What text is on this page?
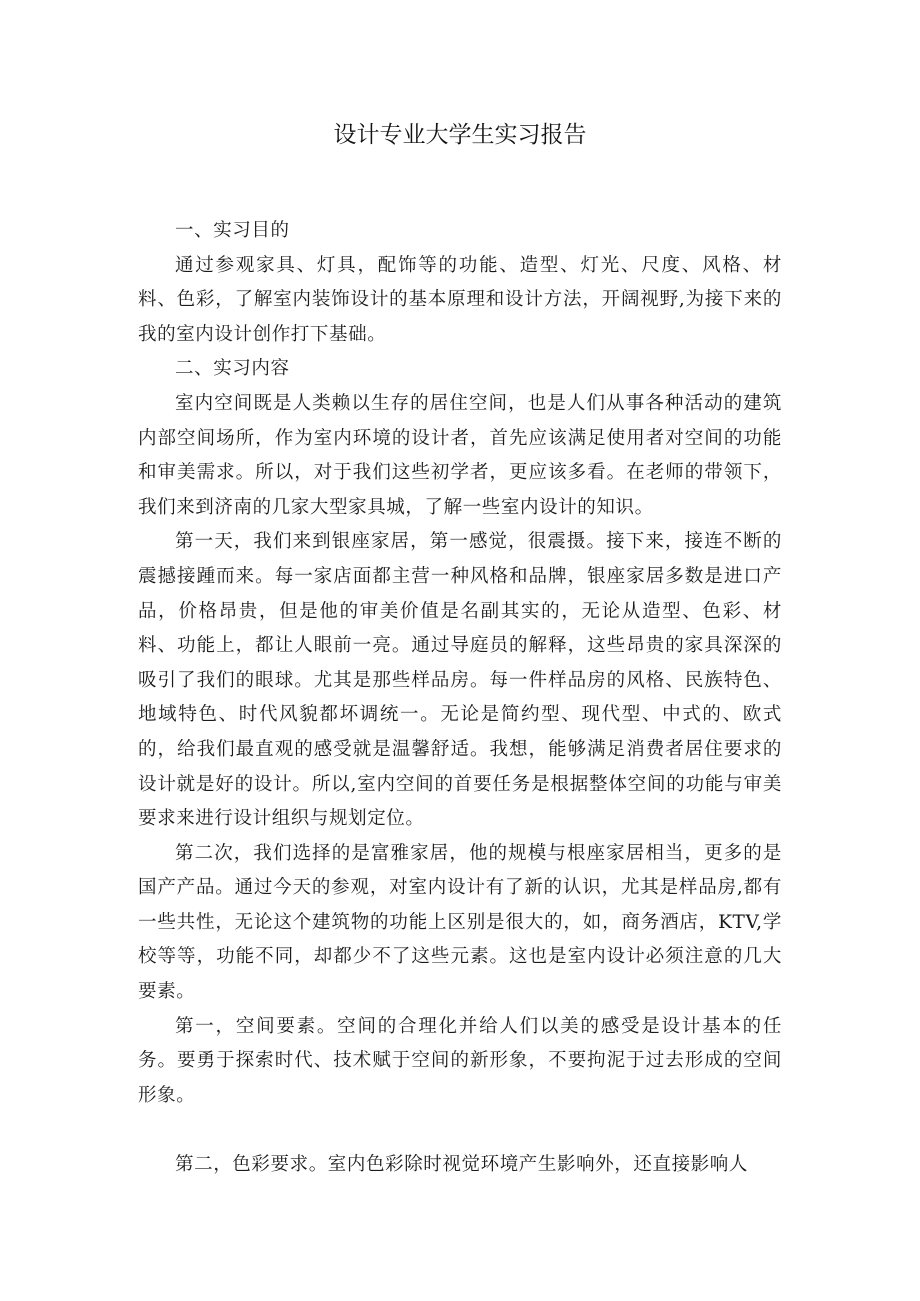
设计专业大学生实习报告

一、实习目的

通过参观家具、灯具，配饰等的功能、造型、灯光、尺度、风格、材料、色彩，了解室内装饰设计的基本原理和设计方法，开阔视野,为接下来的我的室内设计创作打下基础。

二、实习内容

室内空间既是人类赖以生存的居住空间，也是人们从事各种活动的建筑内部空间场所，作为室内环境的设计者，首先应该满足使用者对空间的功能和审美需求。所以，对于我们这些初学者，更应该多看。在老师的带领下，我们来到济南的几家大型家具城，了解一些室内设计的知识。

第一天，我们来到银座家居，第一感觉，很震摄。接下来，接连不断的震撼接踵而来。每一家店面都主营一种风格和品牌，银座家居多数是进口产品，价格昂贵，但是他的审美价值是名副其实的，无论从造型、色彩、材料、功能上，都让人眼前一亮。通过导庭员的解释，这些昂贵的家具深深的吸引了我们的眼球。尤其是那些样品房。每一件样品房的风格、民族特色、地域特色、时代风貌都坏调统一。无论是简约型、现代型、中式的、欧式的，给我们最直观的感受就是温馨舒适。我想，能够满足消费者居住要求的设计就是好的设计。所以,室内空间的首要任务是根据整体空间的功能与审美要求来进行设计组织与规划定位。

第二次，我们选择的是富雅家居，他的规模与根座家居相当，更多的是国产产品。通过今天的参观，对室内设计有了新的认识，尤其是样品房,都有一些共性，无论这个建筑物的功能上区别是很大的，如，商务酒店，KTV,学校等等，功能不同，却都少不了这些元素。这也是室内设计必须注意的几大要素。

第一，空间要素。空间的合理化并给人们以美的感受是设计基本的任务。要勇于探索时代、技术赋于空间的新形象，不要拘泥于过去形成的空间形象。

第二，色彩要求。室内色彩除时视觉环境产生影响外，还直接影响人
